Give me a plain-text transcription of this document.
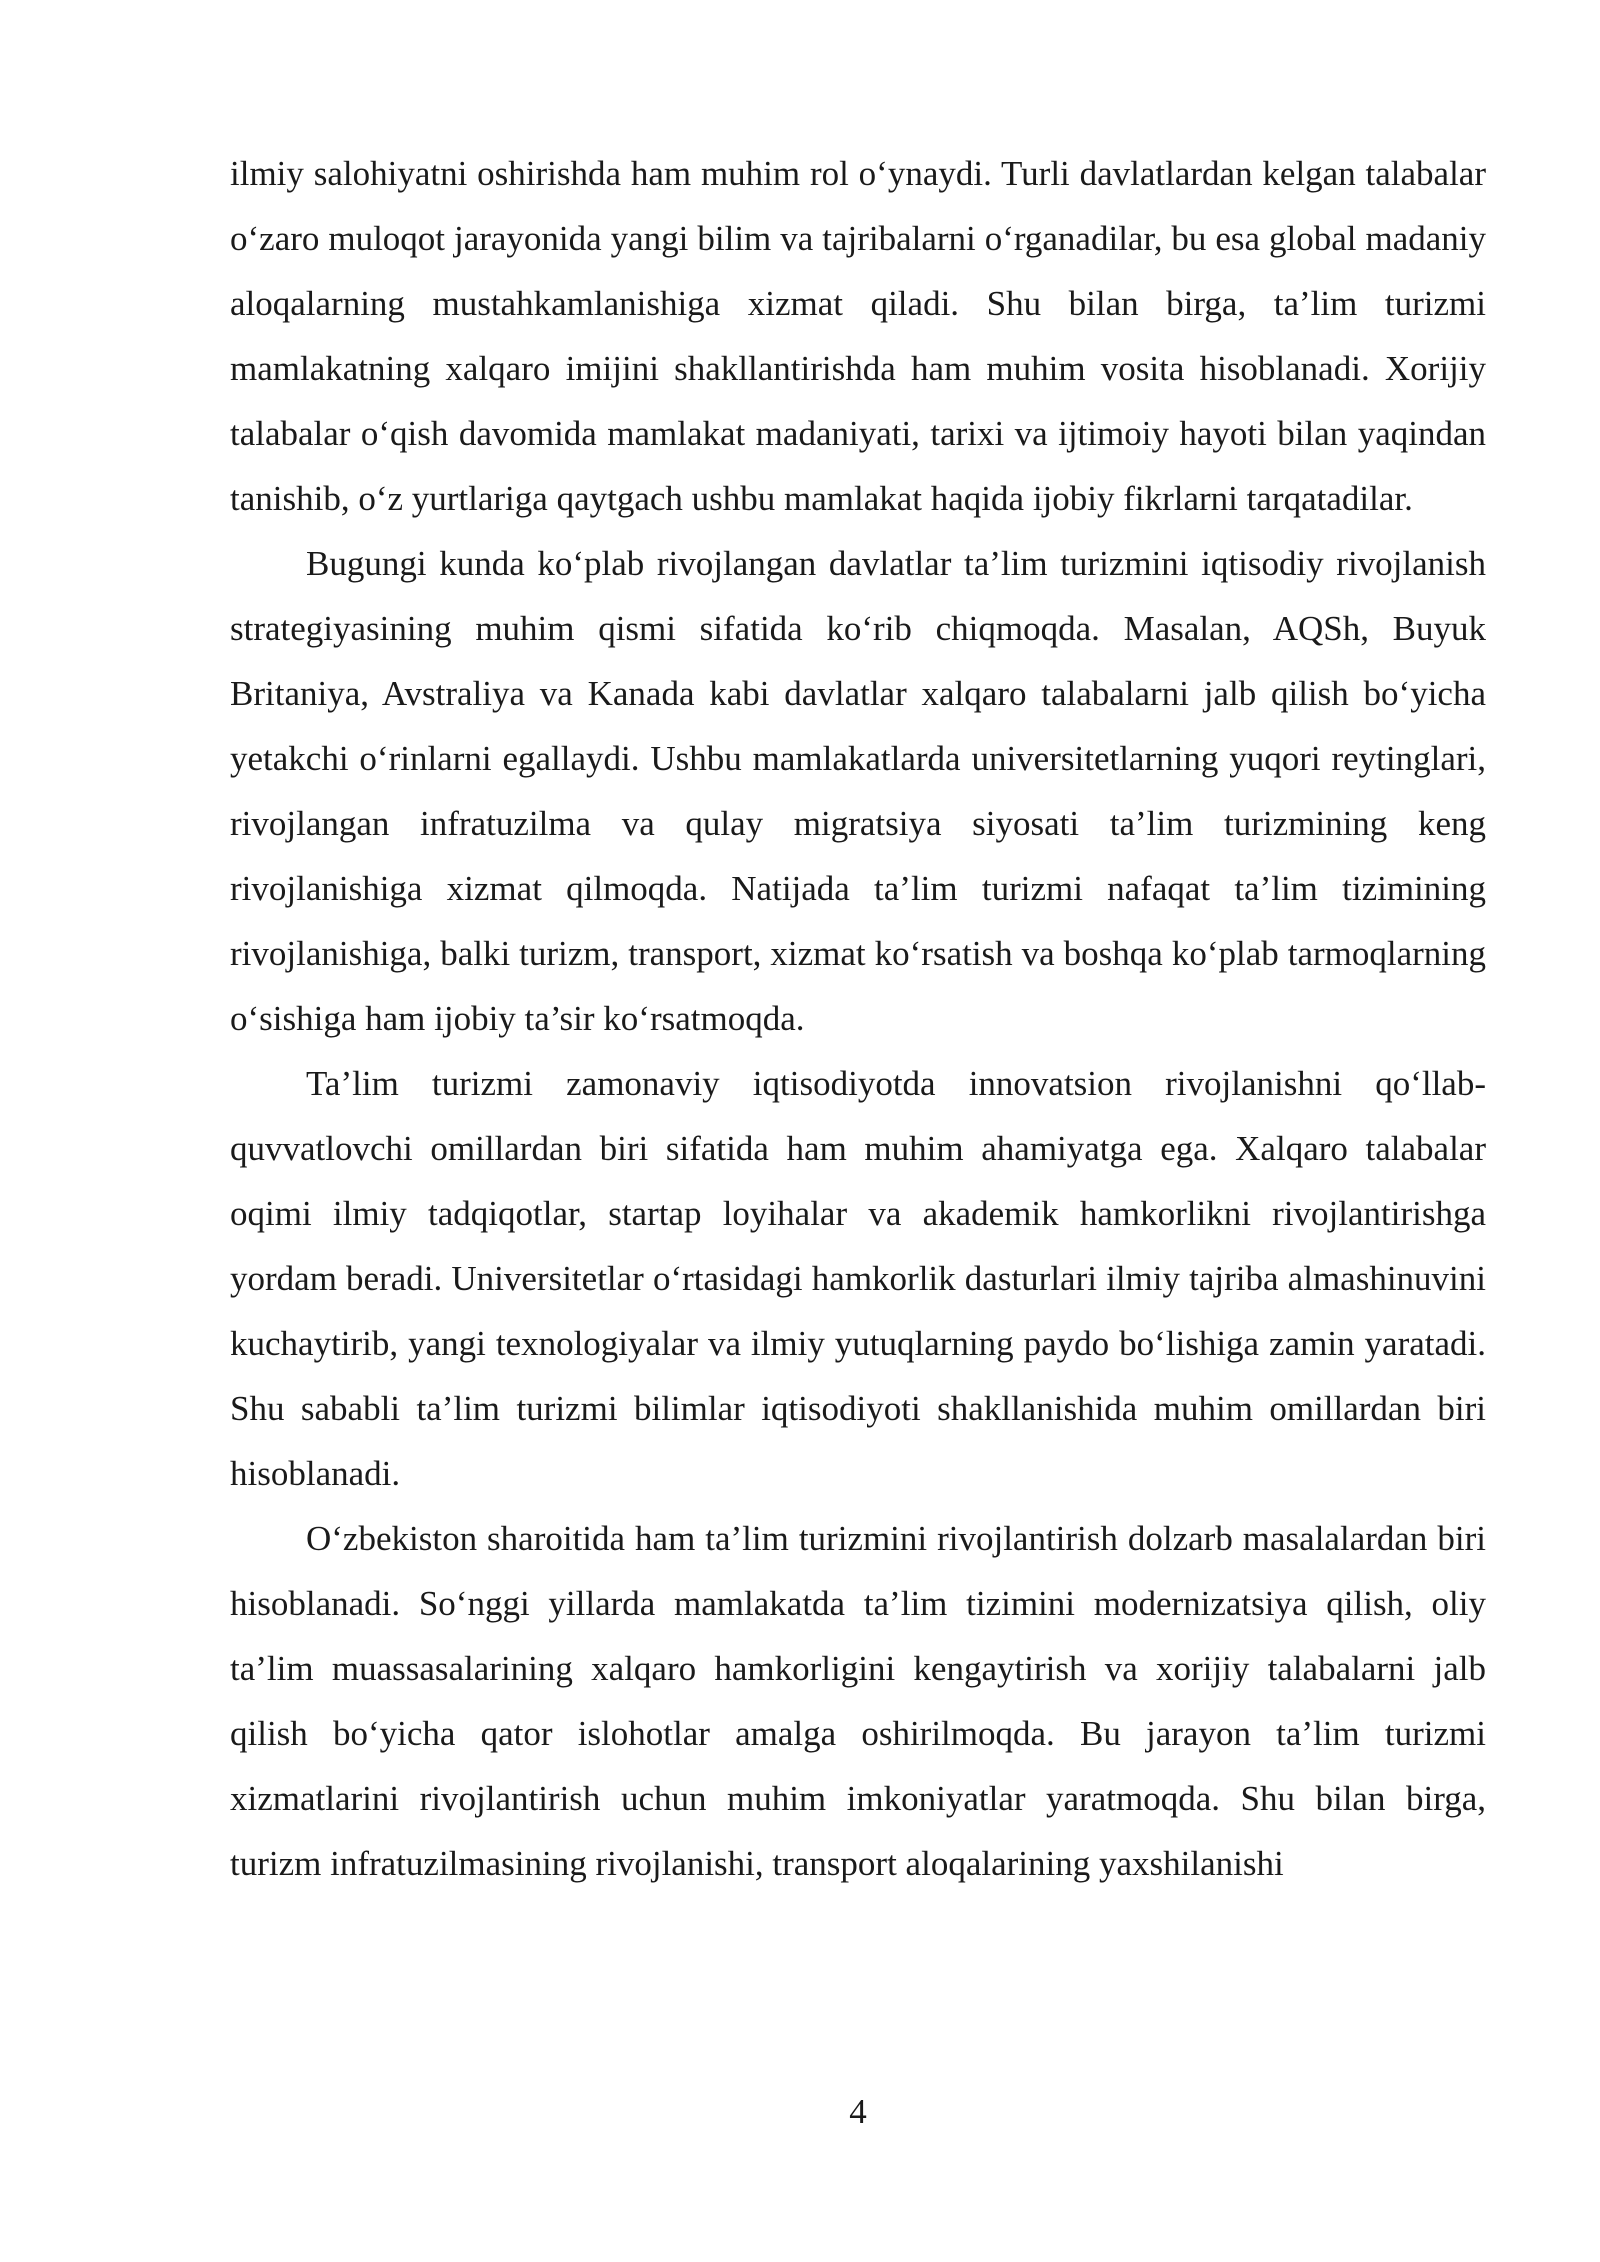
ilmiy salohiyatni oshirishda ham muhim rol o‘ynaydi. Turli davlatlardan kelgan talabalar o‘zaro muloqot jarayonida yangi bilim va tajribalarni o‘rganadilar, bu esa global madaniy aloqalarning mustahkamlanishiga xizmat qiladi. Shu bilan birga, ta’lim turizmi mamlakatning xalqaro imijini shakllantirishda ham muhim vosita hisoblanadi. Xorijiy talabalar o‘qish davomida mamlakat madaniyati, tarixi va ijtimoiy hayoti bilan yaqindan tanishib, o‘z yurtlariga qaytgach ushbu mamlakat haqida ijobiy fikrlarni tarqatadilar.

Bugungi kunda ko‘plab rivojlangan davlatlar ta’lim turizmini iqtisodiy rivojlanish strategiyasining muhim qismi sifatida ko‘rib chiqmoqda. Masalan, AQSh, Buyuk Britaniya, Avstraliya va Kanada kabi davlatlar xalqaro talabalarni jalb qilish bo‘yicha yetakchi o‘rinlarni egallaydi. Ushbu mamlakatlarda universitetlarning yuqori reytinglari, rivojlangan infratuzilma va qulay migratsiya siyosati ta’lim turizmining keng rivojlanishiga xizmat qilmoqda. Natijada ta’lim turizmi nafaqat ta’lim tizimining rivojlanishiga, balki turizm, transport, xizmat ko‘rsatish va boshqa ko‘plab tarmoqlarning o‘sishiga ham ijobiy ta’sir ko‘rsatmoqda.

Ta’lim turizmi zamonaviy iqtisodiyotda innovatsion rivojlanishni qo‘llab-quvvatlovchi omillardan biri sifatida ham muhim ahamiyatga ega. Xalqaro talabalar oqimi ilmiy tadqiqotlar, startap loyihalar va akademik hamkorlikni rivojlantirishga yordam beradi. Universitetlar o‘rtasidagi hamkorlik dasturlari ilmiy tajriba almashinuvini kuchaytirib, yangi texnologiyalar va ilmiy yutuqlarning paydo bo‘lishiga zamin yaratadi. Shu sababli ta’lim turizmi bilimlar iqtisodiyoti shakllanishida muhim omillardan biri hisoblanadi.

O‘zbekiston sharoitida ham ta’lim turizmini rivojlantirish dolzarb masalalardan biri hisoblanadi. So‘nggi yillarda mamlakatda ta’lim tizimini modernizatsiya qilish, oliy ta’lim muassasalarining xalqaro hamkorligini kengaytirish va xorijiy talabalarni jalb qilish bo‘yicha qator islohotlar amalga oshirilmoqda. Bu jarayon ta’lim turizmi xizmatlarini rivojlantirish uchun muhim imkoniyatlar yaratmoqda. Shu bilan birga, turizm infratuzilmasining rivojlanishi, transport aloqalarining yaxshilanishi

4
